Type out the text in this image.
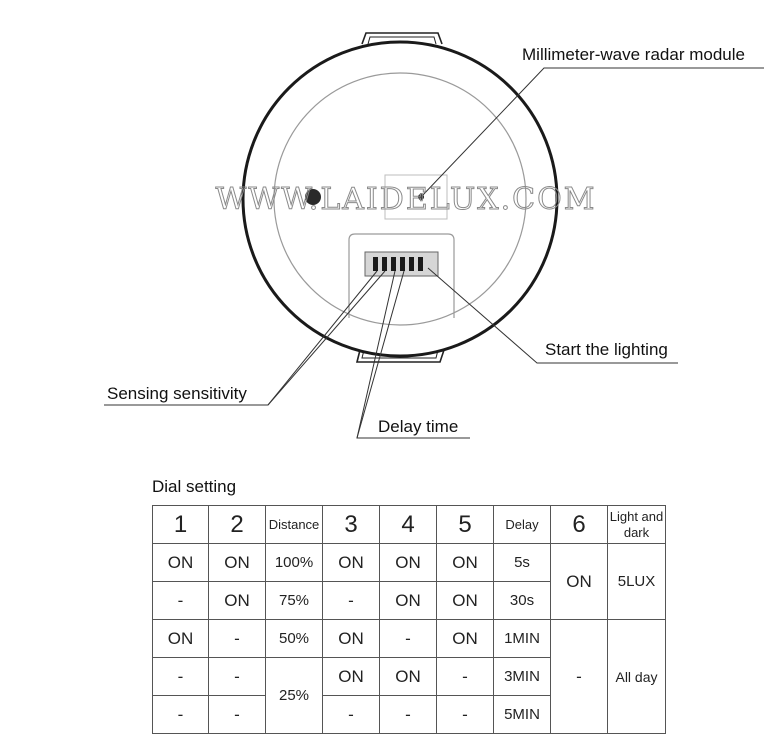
WWW.LAIDELUX.COM
Millimeter-wave radar module
Start the lighting
Sensing sensitivity
Delay time
Dial setting
1	2	Distance	3	4	5	Delay	6	Light and dark
ON	ON	100%	ON	ON	ON	5s	ON	5LUX
-	ON	75%	-	ON	ON	30s		
ON	-	50%	ON	-	ON	1MIN	-	All day
-	-	25%	ON	ON	-	3MIN		
-	-		-	-	-	5MIN		
